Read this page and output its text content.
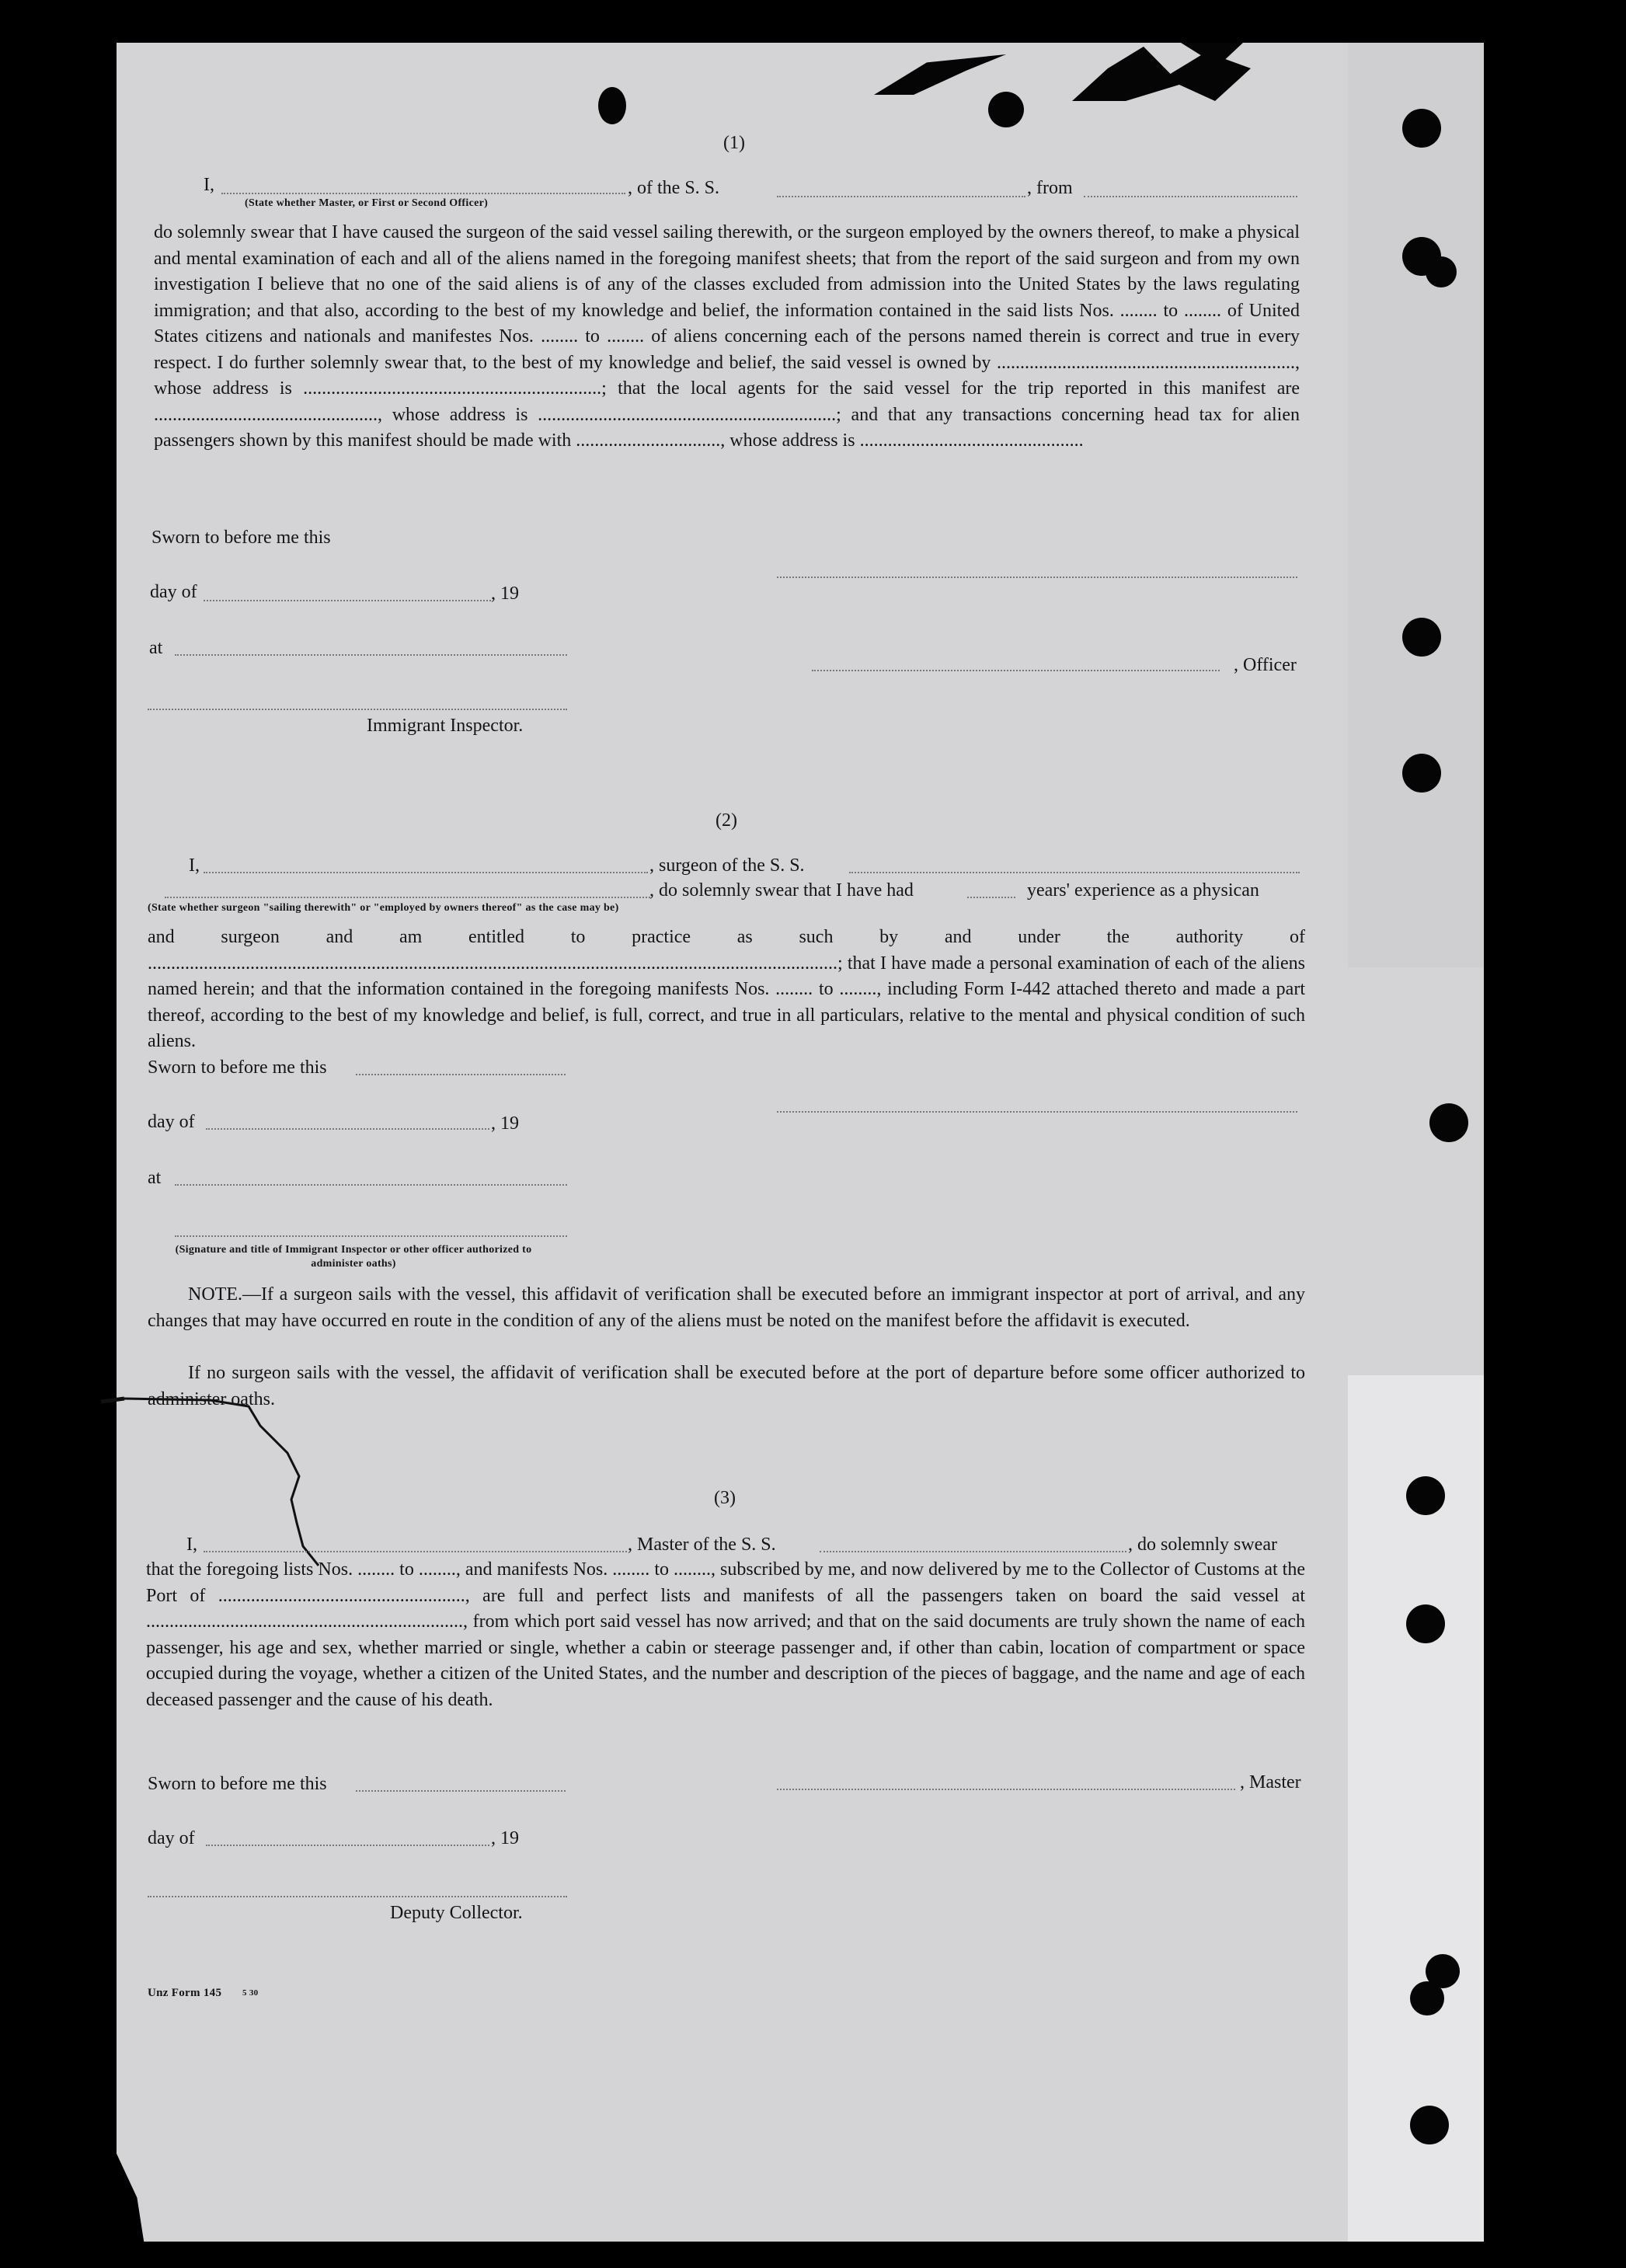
(1)
I,	, of the S. S.	, from
(State whether Master, or First or Second Officer)
do solemnly swear that I have caused the surgeon of the said vessel sailing therewith, or the surgeon employed by the owners thereof, to make a physical and mental examination of each and all of the aliens named in the foregoing manifest sheets; that from the report of the said surgeon and from my own investigation I believe that no one of the said aliens is of any of the classes excluded from admission into the United States by the laws regulating immigration; and that also, according to the best of my knowledge and belief, the information contained in the said lists Nos. ........ to ........ of United States citizens and nationals and manifestes Nos. ........ to ........ of aliens concerning each of the persons named therein is correct and true in every respect. I do further solemnly swear that, to the best of my knowledge and belief, the said vessel is owned by ................................................................, whose address is ................................................................; that the local agents for the said vessel for the trip reported in this manifest are ................................................, whose address is ................................................................; and that any transactions concerning head tax for alien passengers shown by this manifest should be made with ..............................., whose address is ................................................
Sworn to before me this
day of	, 19
at
, Officer
Immigrant Inspector.
(2)
I,	, surgeon of the S. S.
, do solemnly swear that I have had	years' experience as a physican
(State whether surgeon "sailing therewith" or "employed by owners thereof" as the case may be)
and surgeon and am entitled to practice as such by and under the authority of ....................................................................................................................................................; that I have made a personal examination of each of the aliens named herein; and that the information contained in the foregoing manifests Nos. ........ to ........, including Form I-442 attached thereto and made a part thereof, according to the best of my knowledge and belief, is full, correct, and true in all particulars, relative to the mental and physical condition of such aliens.
Sworn to before me this
day of	, 19
at
(Signature and title of Immigrant Inspector or other officer authorized to administer oaths)
NOTE.—If a surgeon sails with the vessel, this affidavit of verification shall be executed before an immigrant inspector at port of arrival, and any changes that may have occurred en route in the condition of any of the aliens must be noted on the manifest before the affidavit is executed.
If no surgeon sails with the vessel, the affidavit of verification shall be executed before at the port of departure before some officer authorized to administer oaths.
(3)
I,	, Master of the S. S.	, do solemnly swear
that the foregoing lists Nos. ........ to ........, and manifests Nos. ........ to ........, subscribed by me, and now delivered by me to the Collector of Customs at the Port of ....................................................., are full and perfect lists and manifests of all the passengers taken on board the said vessel at ...................................................................., from which port said vessel has now arrived; and that on the said documents are truly shown the name of each passenger, his age and sex, whether married or single, whether a cabin or steerage passenger and, if other than cabin, location of compartment or space occupied during the voyage, whether a citizen of the United States, and the number and description of the pieces of baggage, and the name and age of each deceased passenger and the cause of his death.
Sworn to before me this	, Master
day of	, 19
Deputy Collector.
Unz Form 145 5 30
